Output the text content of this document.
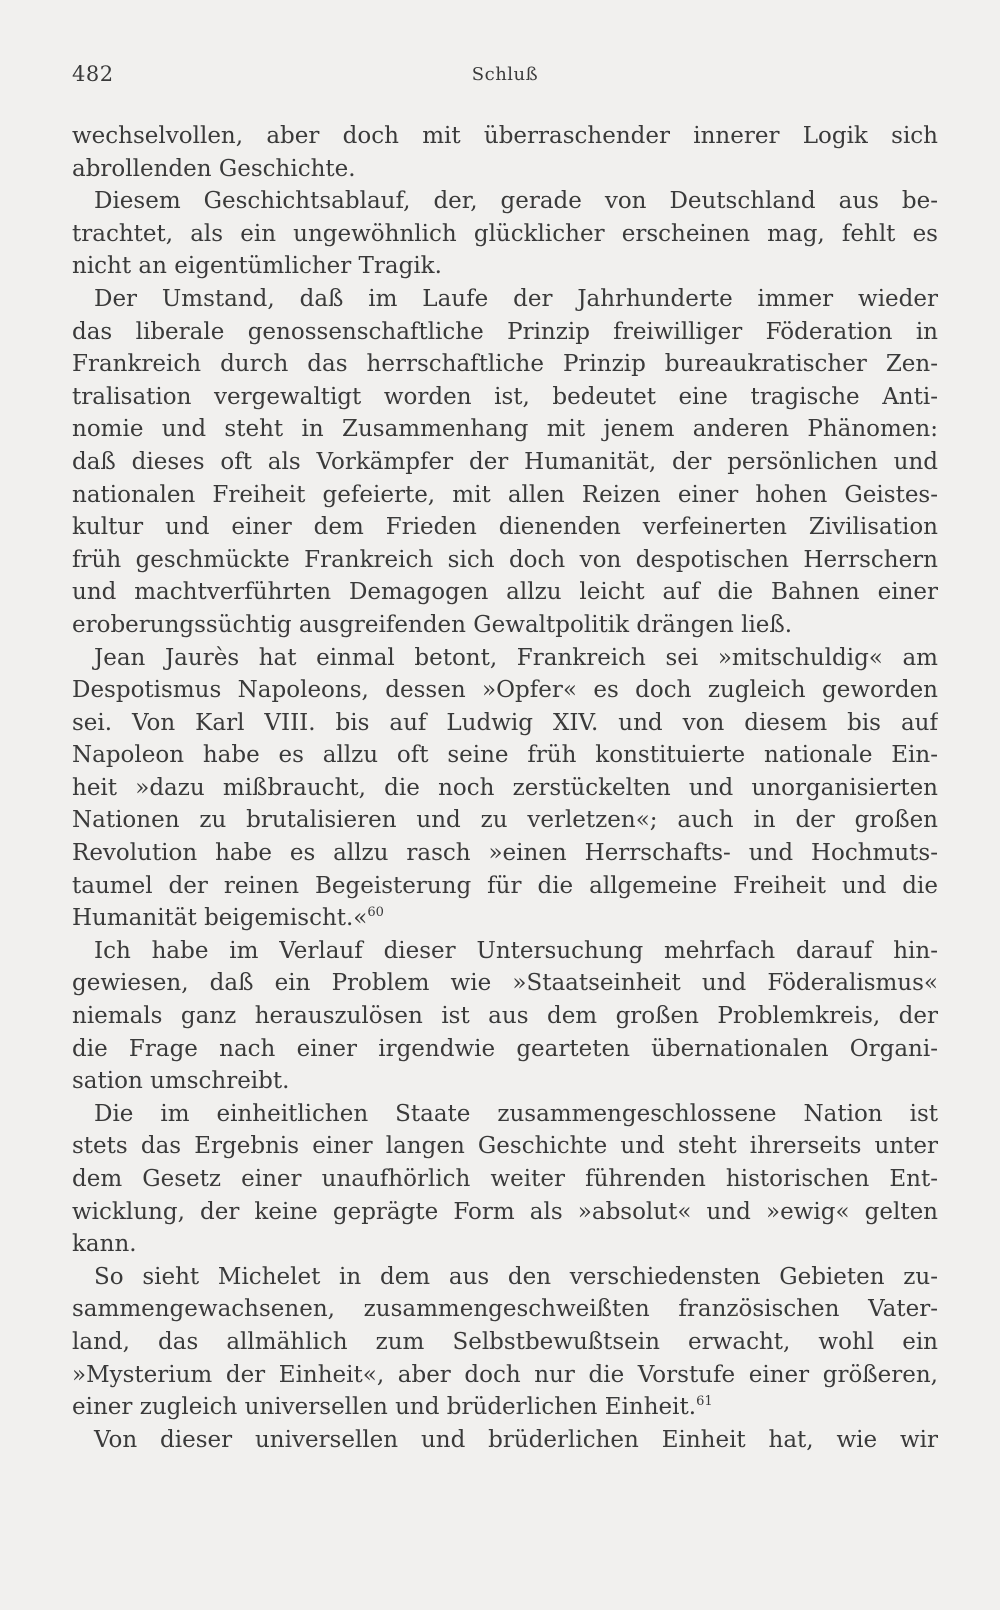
482	Schluß
wechselvollen, aber doch mit überraschender innerer Logik sich
abrollenden Geschichte.
Diesem Geschichtsablauf, der, gerade von Deutschland aus be-
trachtet, als ein ungewöhnlich glücklicher erscheinen mag, fehlt es
nicht an eigentümlicher Tragik.
Der Umstand, daß im Laufe der Jahrhunderte immer wieder
das liberale genossenschaftliche Prinzip freiwilliger Föderation in
Frankreich durch das herrschaftliche Prinzip bureaukratischer Zen-
tralisation vergewaltigt worden ist, bedeutet eine tragische Anti-
nomie und steht in Zusammenhang mit jenem anderen Phänomen:
daß dieses oft als Vorkämpfer der Humanität, der persönlichen und
nationalen Freiheit gefeierte, mit allen Reizen einer hohen Geistes-
kultur und einer dem Frieden dienenden verfeinerten Zivilisation
früh geschmückte Frankreich sich doch von despotischen Herrschern
und machtverführten Demagogen allzu leicht auf die Bahnen einer
eroberungssüchtig ausgreifenden Gewaltpolitik drängen ließ.
Jean Jaurès hat einmal betont, Frankreich sei »mitschuldig« am
Despotismus Napoleons, dessen »Opfer« es doch zugleich geworden
sei. Von Karl VIII. bis auf Ludwig XIV. und von diesem bis auf
Napoleon habe es allzu oft seine früh konstituierte nationale Ein-
heit »dazu mißbraucht, die noch zerstückelten und unorganisierten
Nationen zu brutalisieren und zu verletzen«; auch in der großen
Revolution habe es allzu rasch »einen Herrschafts- und Hochmuts-
taumel der reinen Begeisterung für die allgemeine Freiheit und die
Humanität beigemischt.«$^{60}$
Ich habe im Verlauf dieser Untersuchung mehrfach darauf hin-
gewiesen, daß ein Problem wie »Staatseinheit und Föderalismus«
niemals ganz herauszulösen ist aus dem großen Problemkreis, der
die Frage nach einer irgendwie gearteten übernationalen Organi-
sation umschreibt.
Die im einheitlichen Staate zusammengeschlossene Nation ist
stets das Ergebnis einer langen Geschichte und steht ihrerseits unter
dem Gesetz einer unaufhörlich weiter führenden historischen Ent-
wicklung, der keine geprägte Form als »absolut« und »ewig« gelten
kann.
So sieht Michelet in dem aus den verschiedensten Gebieten zu-
sammengewachsenen, zusammengeschweißten französischen Vater-
land, das allmählich zum Selbstbewußtsein erwacht, wohl ein
»Mysterium der Einheit«, aber doch nur die Vorstufe einer größeren,
einer zugleich universellen und brüderlichen Einheit.$^{61}$
Von dieser universellen und brüderlichen Einheit hat, wie wir
